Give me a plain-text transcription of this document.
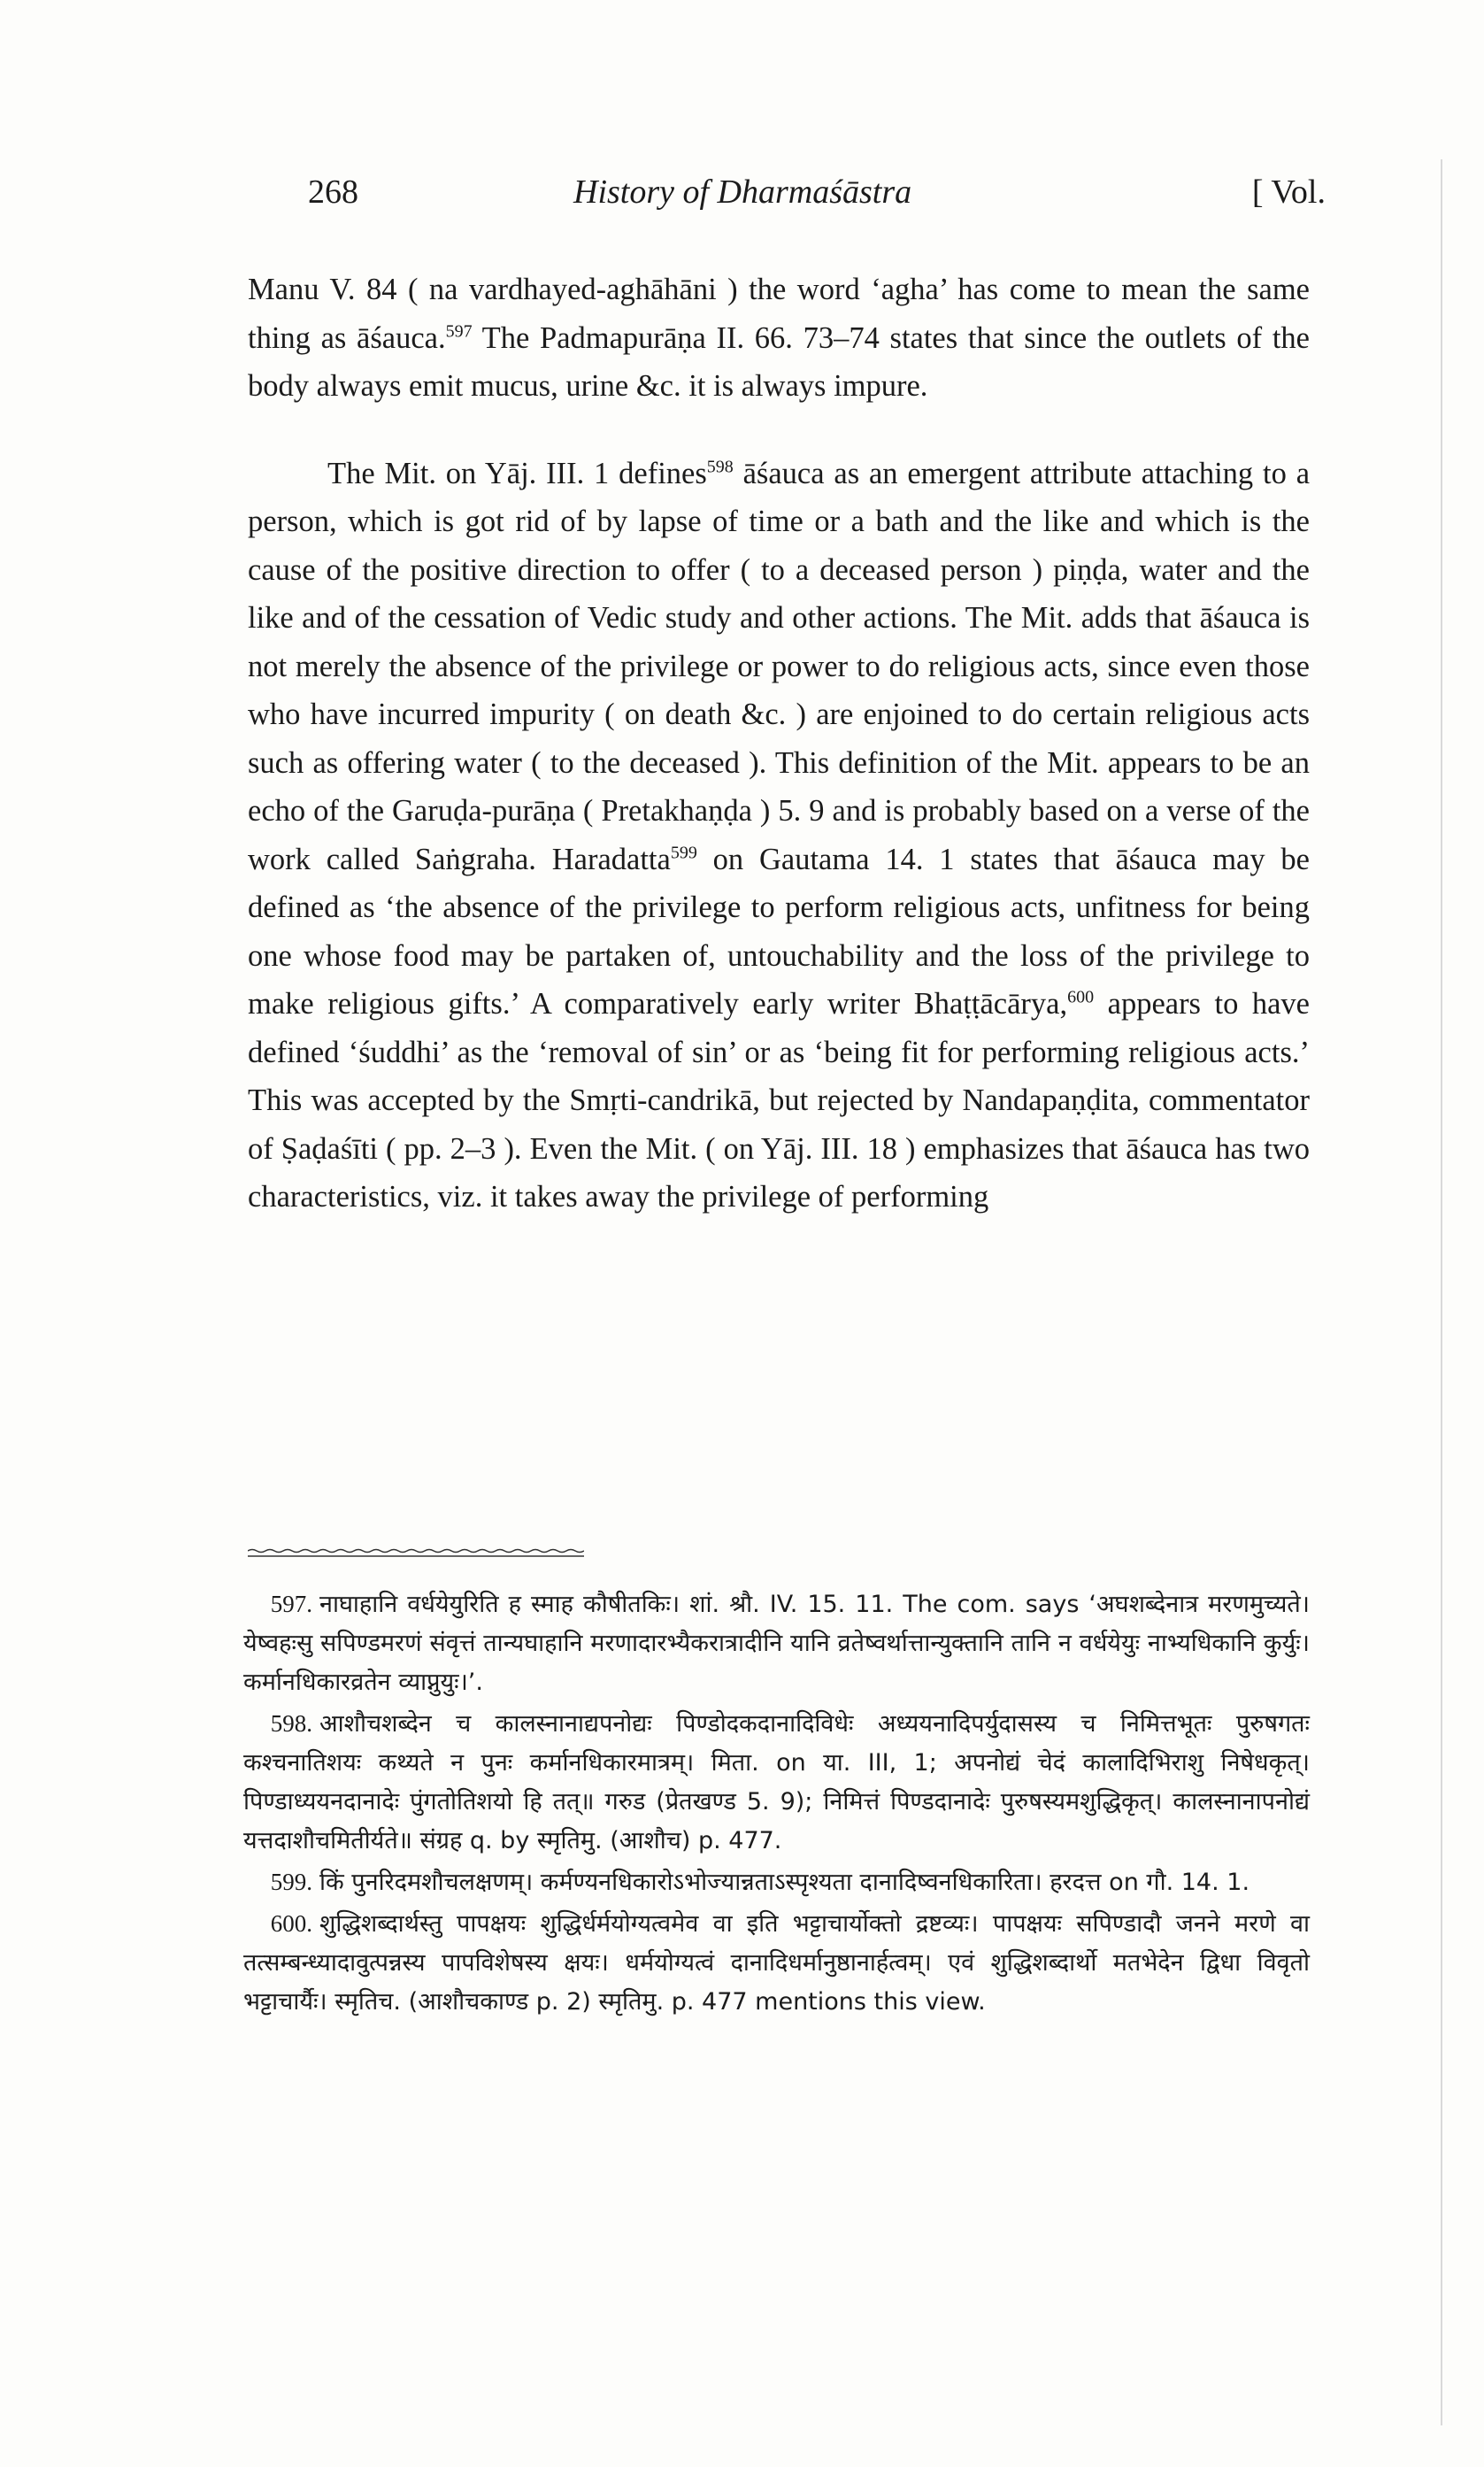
268	History of Dharmaśāstra	[ Vol.

Manu V. 84 ( na vardhayed-aghāhāni ) the word ‘agha’ has come to mean the same thing as āśauca.$^{597}$ The Padmapurāṇa II. 66. 73–74 states that since the outlets of the body always emit mucus, urine &c. it is always impure.

The Mit. on Yāj. III. 1 defines$^{598}$ āśauca as an emergent attribute attaching to a person, which is got rid of by lapse of time or a bath and the like and which is the cause of the positive direction to offer ( to a deceased person ) piṇḍa, water and the like and of the cessation of Vedic study and other actions. The Mit. adds that āśauca is not merely the absence of the privilege or power to do religious acts, since even those who have incurred impurity ( on death &c. ) are enjoined to do certain religious acts such as offering water ( to the deceased ). This definition of the Mit. appears to be an echo of the Garuḍa-purāṇa ( Pretakhaṇḍa ) 5. 9 and is probably based on a verse of the work called Saṅgraha. Haradatta$^{599}$ on Gautama 14. 1 states that āśauca may be defined as ‘the absence of the privilege to perform religious acts, unfitness for being one whose food may be partaken of, untouchability and the loss of the privilege to make religious gifts.’ A comparatively early writer Bhaṭṭācārya,$^{600}$ appears to have defined ‘śuddhi’ as the ‘removal of sin’ or as ‘being fit for performing religious acts.’ This was accepted by the Smṛti-candrikā, but rejected by Nandapaṇḍita, commentator of Ṣaḍaśīti ( pp. 2–3 ). Even the Mit. ( on Yāj. III. 18 ) emphasizes that āśauca has two characteristics, viz. it takes away the privilege of performing

597. नाघाहानि वर्धयेयुरिति ह स्माह कौषीतकिः। शां. श्रौ. IV. 15. 11. The com. says ‘अघशब्देनात्र मरणमुच्यते। येष्वहःसु सपिण्डमरणं संवृत्तं तान्यघाहानि मरणादारभ्यैकरात्रादीनि यानि व्रतेष्वर्थात्तान्युक्तानि तानि न वर्धयेयुः नाभ्यधिकानि कुर्युः। कर्मानधिकारव्रतेन व्याप्नुयुः।’.

598. आशौचशब्देन च कालस्नानाद्यपनोद्यः पिण्डोदकदानादिविधेः अध्ययनादिपर्युदासस्य च निमित्तभूतः पुरुषगतः कश्चनातिशयः कथ्यते न पुनः कर्मानधिकारमात्रम्। मिता. on या. III, 1; अपनोद्यं चेदं कालादिभिराशु निषेधकृत्। पिण्डाध्ययनदानादेः पुंगतोतिशयो हि तत्॥ गरुड (प्रेतखण्ड 5. 9); निमित्तं पिण्डदानादेः पुरुषस्यमशुद्धिकृत्। कालस्नानापनोद्यं यत्तदाशौचमितीर्यते॥ संग्रह q. by स्मृतिमु. (आशौच) p. 477.

599. किं पुनरिदमशौचलक्षणम्। कर्मण्यनधिकारोऽभोज्यान्नताऽस्पृश्यता दानादिष्वनधिकारिता। हरदत्त on गौ. 14. 1.

600. शुद्धिशब्दार्थस्तु पापक्षयः शुद्धिर्धर्मयोग्यत्वमेव वा इति भट्टाचार्योक्तो द्रष्टव्यः। पापक्षयः सपिण्डादौ जनने मरणे वा तत्सम्बन्ध्यादावुत्पन्नस्य पापविशेषस्य क्षयः। धर्मयोग्यत्वं दानादिधर्मानुष्ठानार्हत्वम्। एवं शुद्धिशब्दार्थो मतभेदेन द्विधा विवृतो भट्टाचार्यैः। स्मृतिच. (आशौचकाण्ड p. 2) स्मृतिमु. p. 477 mentions this view.
